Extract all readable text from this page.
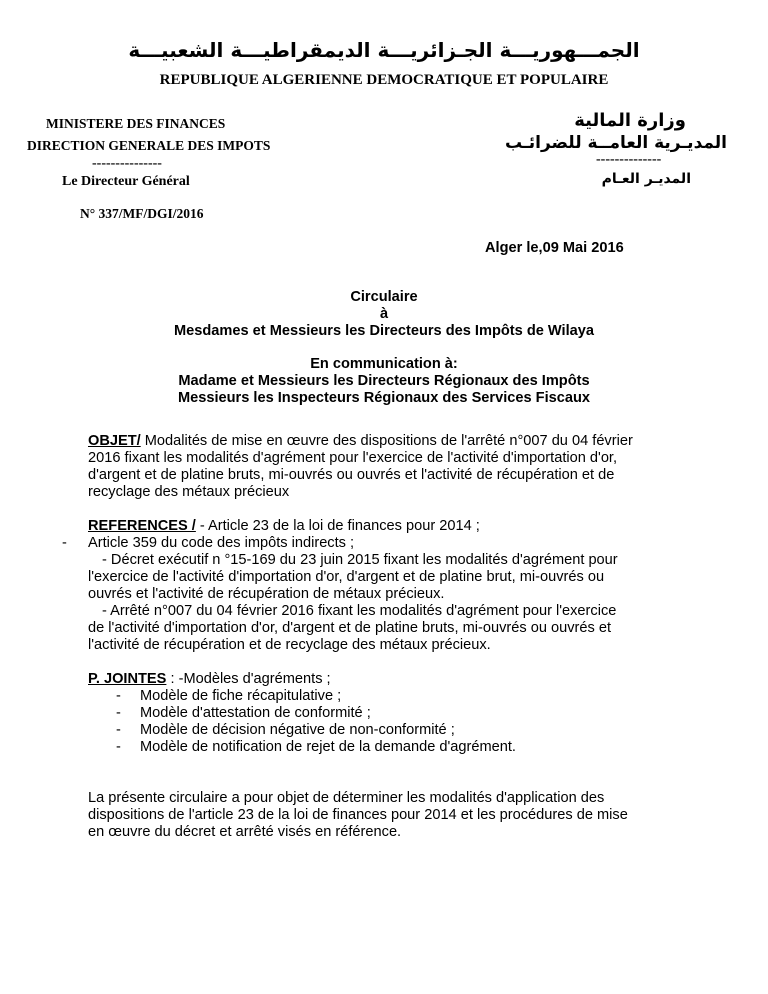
الجمـــهوريـــة الجـزائريـــة الديمقراطيـــة الشعبيـــة
REPUBLIQUE ALGERIENNE DEMOCRATIQUE ET POPULAIRE
MINISTERE DES FINANCES
DIRECTION GENERALE DES IMPOTS
---------------
Le Directeur Général
وزارة المالية
المديـرية العامــة للضرائـب
--------------
المديـر العـام
N° 337/MF/DGI/2016
Alger le,09 Mai 2016
Circulaire
à
Mesdames et Messieurs les Directeurs des Impôts de Wilaya
En communication à:
Madame et Messieurs les Directeurs Régionaux des Impôts
Messieurs les Inspecteurs Régionaux des Services Fiscaux
OBJET/ Modalités de mise en œuvre des dispositions de l'arrêté n°007 du 04 février
2016 fixant les modalités d'agrément pour l'exercice de l'activité d'importation d'or,
d'argent et de platine bruts, mi-ouvrés ou ouvrés et l'activité de récupération et de
recyclage des métaux précieux
REFERENCES / - Article 23 de la loi de finances pour 2014 ;
- Article 359 du code des impôts indirects ;
- Décret exécutif n °15-169 du 23 juin 2015 fixant les modalités d'agrément pour
l'exercice de l'activité d'importation d'or, d'argent et de platine brut, mi-ouvrés ou
ouvrés et l'activité de récupération de métaux précieux.
- Arrêté n°007 du 04 février 2016 fixant les modalités d'agrément pour l'exercice
de l'activité d'importation d'or, d'argent et de platine bruts, mi-ouvrés ou ouvrés et
l'activité de récupération et de recyclage des métaux précieux.
P. JOINTES : -Modèles d'agréments ;
- Modèle de fiche récapitulative ;
- Modèle d'attestation de conformité ;
- Modèle de décision négative de non-conformité ;
- Modèle de notification de rejet de la demande d'agrément.
La présente circulaire a pour objet de déterminer les modalités d'application des
dispositions de l'article 23 de la loi de finances pour 2014 et les procédures de mise
en œuvre du décret et arrêté visés en référence.
